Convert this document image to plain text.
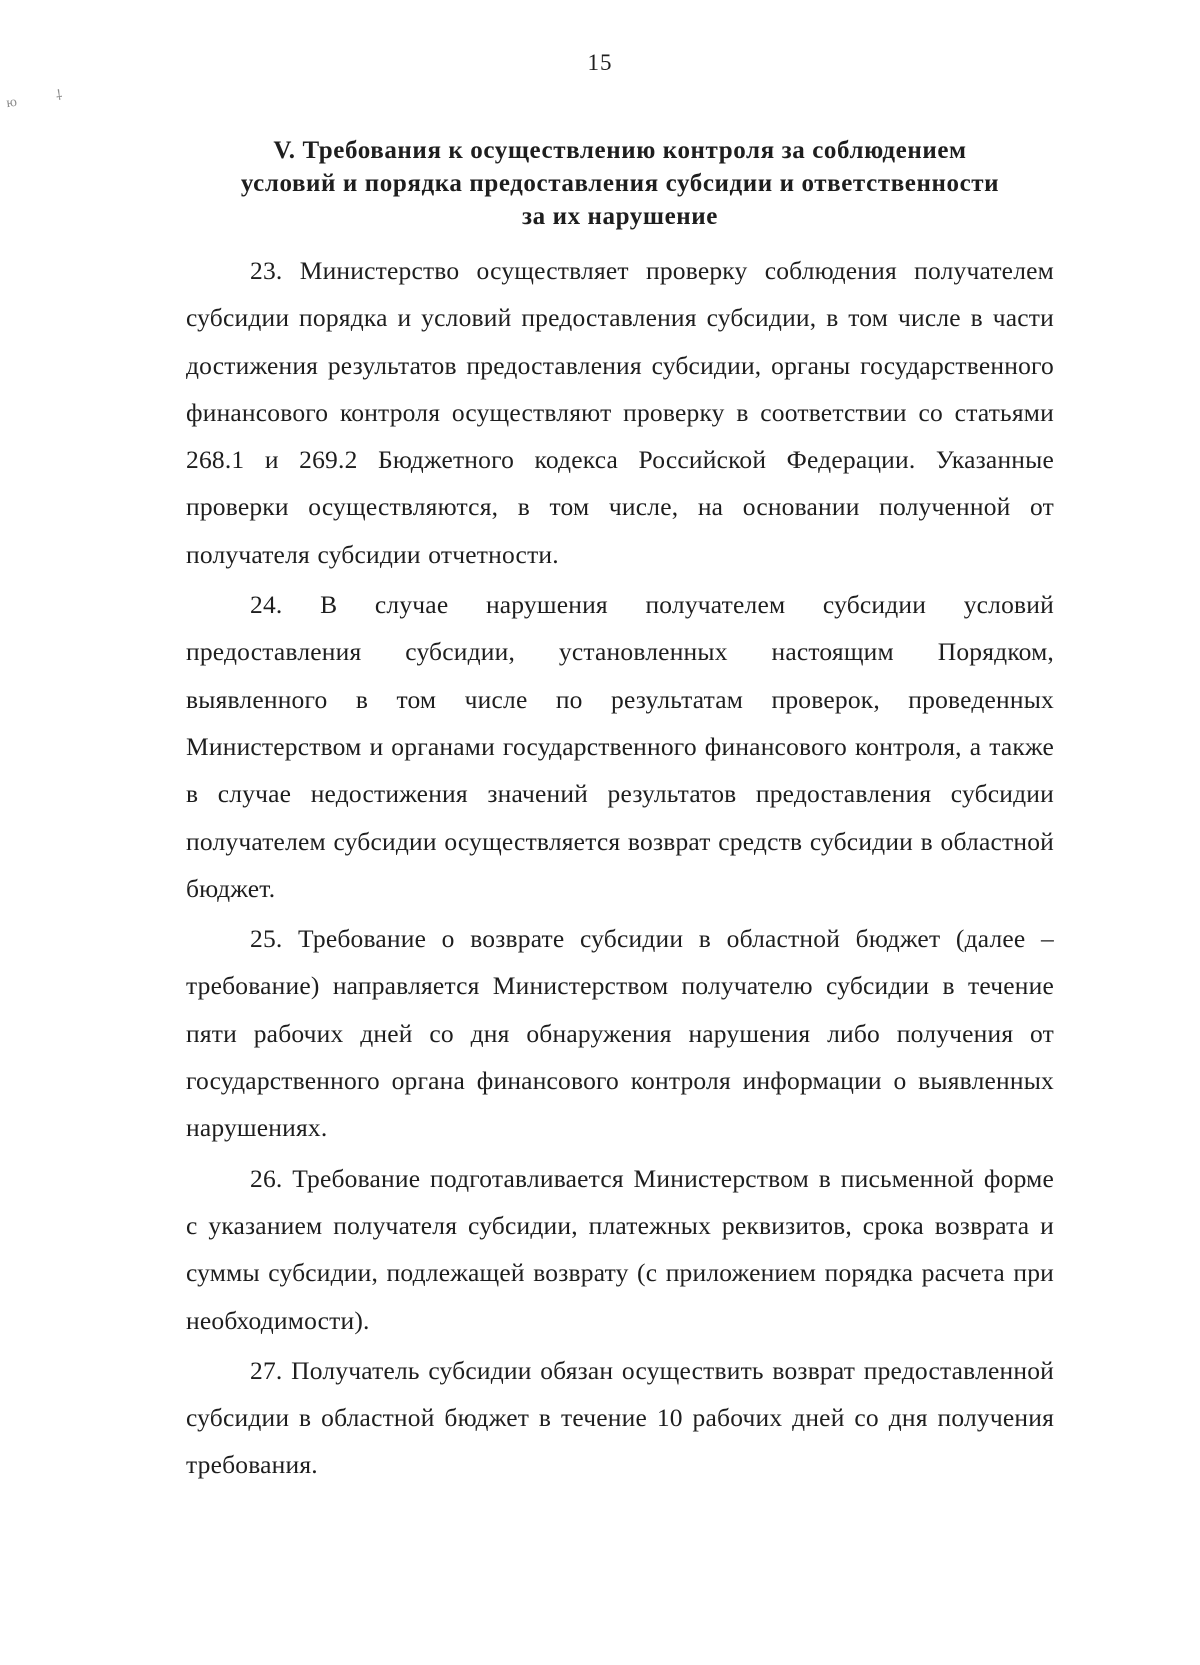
15
ю ⸸
V. Требования к осуществлению контроля за соблюдением
условий и порядка предоставления субсидии и ответственности
за их нарушение

23. Министерство осуществляет проверку соблюдения получателем субсидии порядка и условий предоставления субсидии, в том числе в части достижения результатов предоставления субсидии, органы государственного финансового контроля осуществляют проверку в соответствии со статьями 268.1 и 269.2 Бюджетного кодекса Российской Федерации. Указанные проверки осуществляются, в том числе, на основании полученной от получателя субсидии отчетности.

24. В случае нарушения получателем субсидии условий предоставления субсидии, установленных настоящим Порядком, выявленного в том числе по результатам проверок, проведенных Министерством и органами государственного финансового контроля, а также в случае недостижения значений результатов предоставления субсидии получателем субсидии осуществляется возврат средств субсидии в областной бюджет.

25. Требование о возврате субсидии в областной бюджет (далее – требование) направляется Министерством получателю субсидии в течение пяти рабочих дней со дня обнаружения нарушения либо получения от государственного органа финансового контроля информации о выявленных нарушениях.

26. Требование подготавливается Министерством в письменной форме с указанием получателя субсидии, платежных реквизитов, срока возврата и суммы субсидии, подлежащей возврату (с приложением порядка расчета при необходимости).

27. Получатель субсидии обязан осуществить возврат предоставленной субсидии в областной бюджет в течение 10 рабочих дней со дня получения требования.
